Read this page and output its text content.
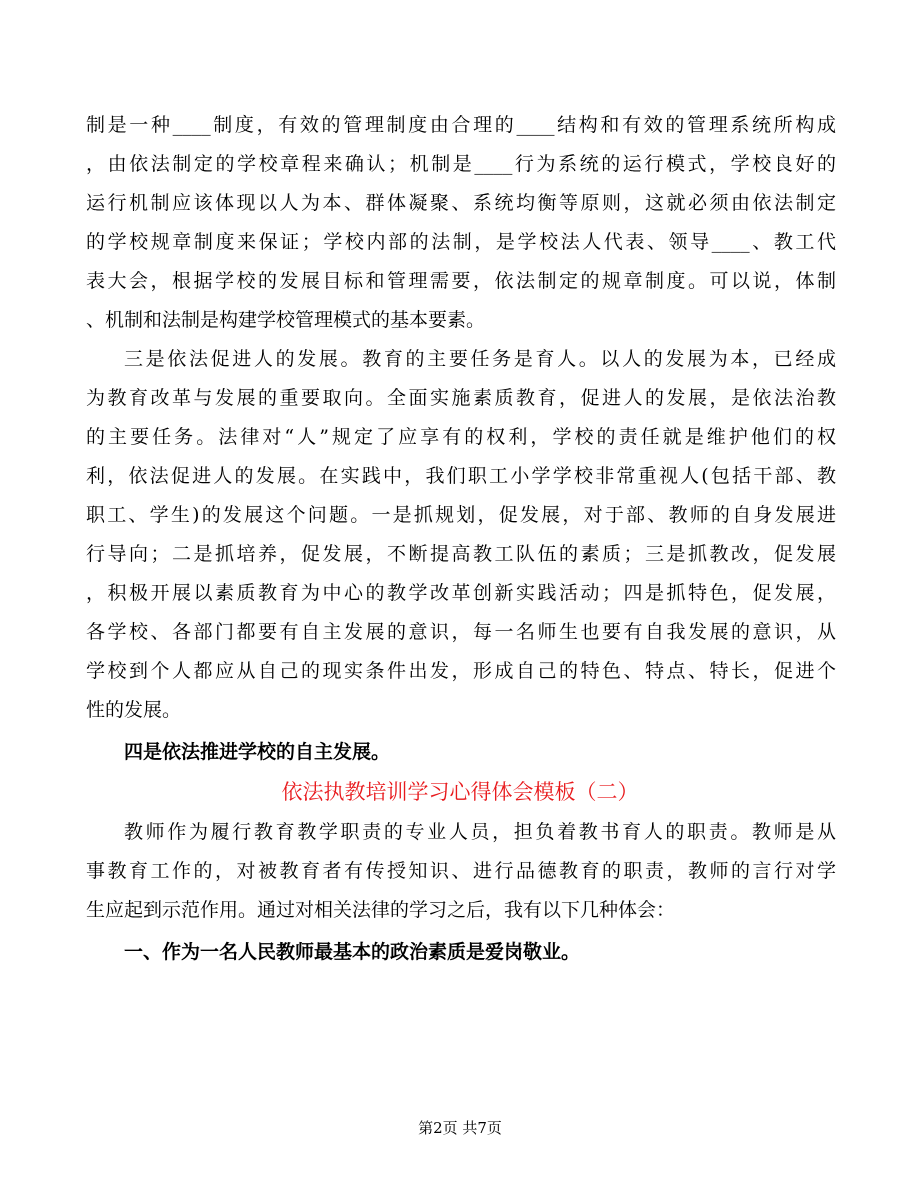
制是一种____制度，有效的管理制度由合理的____结构和有效的管理系统所构成
，由依法制定的学校章程来确认；机制是____行为系统的运行模式，学校良好的
运行机制应该体现以人为本、群体凝聚、系统均衡等原则，这就必须由依法制定
的学校规章制度来保证；学校内部的法制，是学校法人代表、领导____、教工代
表大会，根据学校的发展目标和管理需要，依法制定的规章制度。可以说，体制
、机制和法制是构建学校管理模式的基本要素。
三是依法促进人的发展。教育的主要任务是育人。以人的发展为本，已经成
为教育改革与发展的重要取向。全面实施素质教育，促进人的发展，是依法治教
的主要任务。法律对“人”规定了应享有的权利，学校的责任就是维护他们的权
利，依法促进人的发展。在实践中，我们职工小学学校非常重视人(包括干部、教
职工、学生)的发展这个问题。一是抓规划，促发展，对于部、教师的自身发展进
行导向；二是抓培养，促发展，不断提高教工队伍的素质；三是抓教改，促发展
，积极开展以素质教育为中心的教学改革创新实践活动；四是抓特色，促发展，
各学校、各部门都要有自主发展的意识，每一名师生也要有自我发展的意识，从
学校到个人都应从自己的现实条件出发，形成自己的特色、特点、特长，促进个
性的发展。
四是依法推进学校的自主发展。
依法执教培训学习心得体会模板（二）
教师作为履行教育教学职责的专业人员，担负着教书育人的职责。教师是从
事教育工作的，对被教育者有传授知识、进行品德教育的职责，教师的言行对学
生应起到示范作用。通过对相关法律的学习之后，我有以下几种体会：
一、作为一名人民教师最基本的政治素质是爱岗敬业。
第2页 共7页
